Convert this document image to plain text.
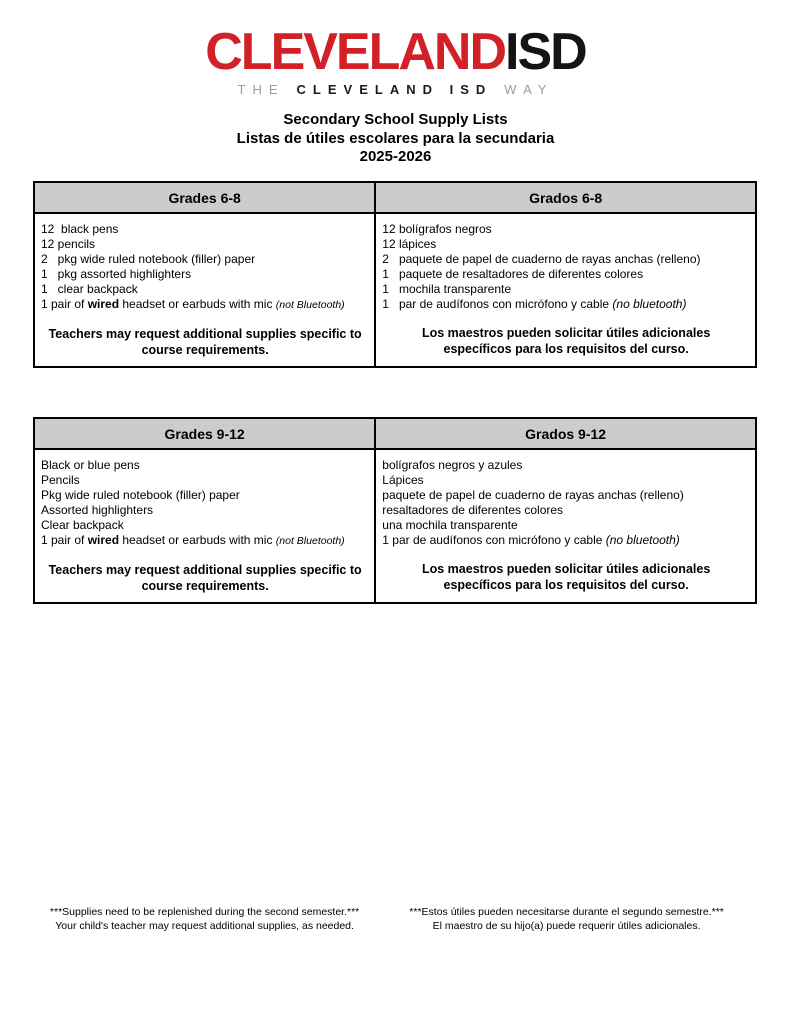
CLEVELANDISD
THE CLEVELAND ISD WAY
Secondary School Supply Lists
Listas de útiles escolares para la secundaria
2025-2026
Grades 6-8	Grados 6-8
12  black pens
12 pencils
2   pkg wide ruled notebook (filler) paper
1   pkg assorted highlighters
1   clear backpack
1 pair of wired headset or earbuds with mic (not Bluetooth)
Teachers may request additional supplies specific to course requirements.
12 bolígrafos negros
12 lápices
2   paquete de papel de cuaderno de rayas anchas (relleno)
1   paquete de resaltadores de diferentes colores
1   mochila transparente
1   par de audífonos con micrófono y cable (no bluetooth)
Los maestros pueden solicitar útiles adicionales específicos para los requisitos del curso.
Grades 9-12	Grados 9-12
Black or blue pens
Pencils
Pkg wide ruled notebook (filler) paper
Assorted highlighters
Clear backpack
1 pair of wired headset or earbuds with mic (not Bluetooth)
Teachers may request additional supplies specific to course requirements.
bolígrafos negros y azules
Lápices
paquete de papel de cuaderno de rayas anchas (relleno)
resaltadores de diferentes colores
una mochila transparente
1 par de audífonos con micrófono y cable (no bluetooth)
Los maestros pueden solicitar útiles adicionales específicos para los requisitos del curso.
***Supplies need to be replenished during the second semester.***
Your child's teacher may request additional supplies, as needed.
***Estos útiles pueden necesitarse durante el segundo semestre.***
El maestro de su hijo(a) puede requerir útiles adicionales.
